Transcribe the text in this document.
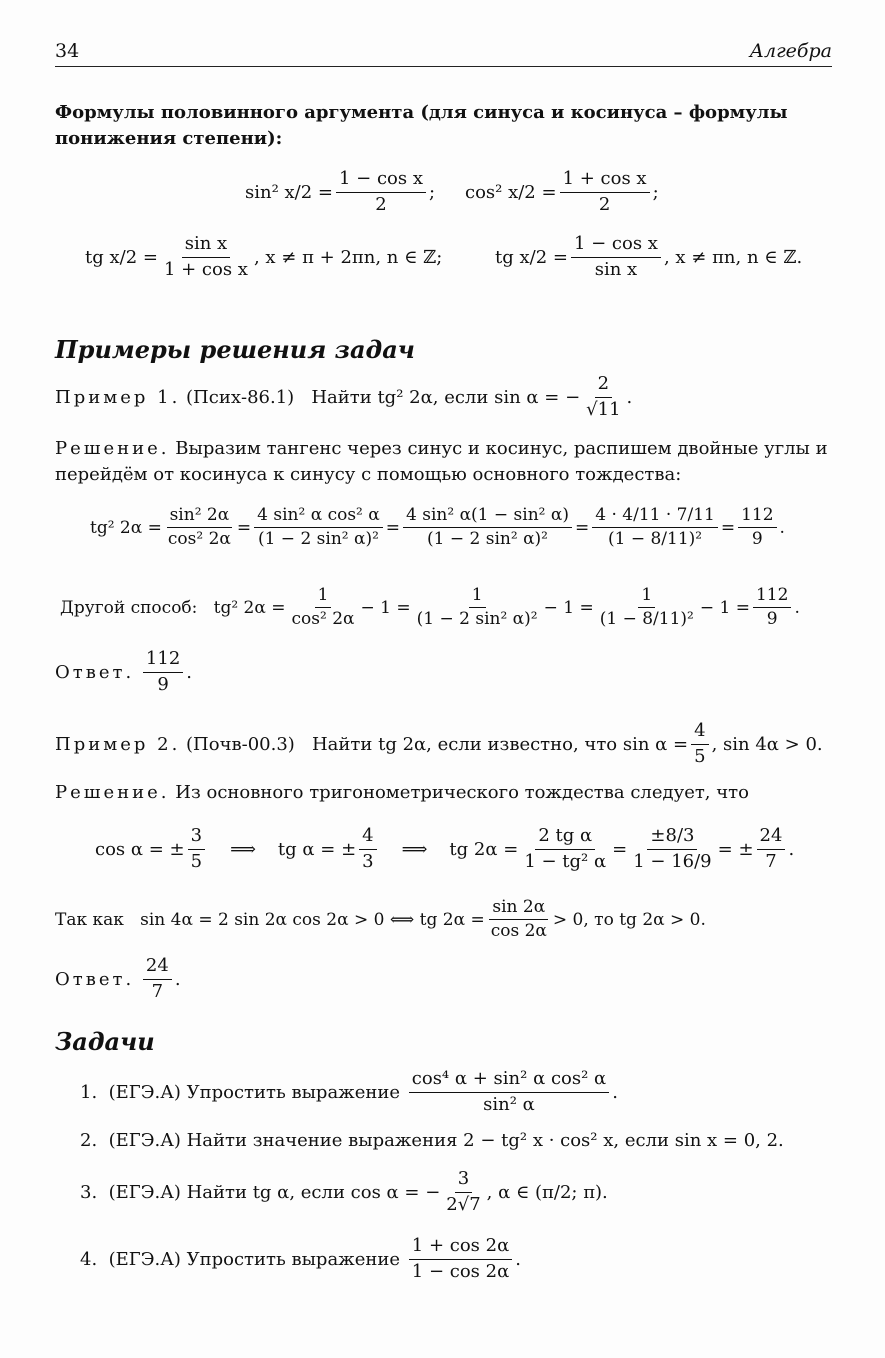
34	Алгебра
Формулы половинного аргумента (для синуса и косинуса – формулы понижения степени):
sin² $x/2 = \frac{\text{1 − cos x}}{2}$ ; cos² $x/2 = \frac{\text{1 + cos x}}{2}$ ;
tg $x/2 = \frac{\text{sin x}}{\text{1 + cos x}}$ , x ≠ π + 2πn, n ∈ ℤ;	tg $x/2 = \frac{\text{1 − cos x}}{\text{sin x}}$ , x ≠ πn, n ∈ ℤ.
Примеры решения задач
Пример 1.
(Псих-86.1)
Найти tg² 2α, если sin α = − $\frac{2}{√11}$ .
Решение. Выразим тангенс через синус и косинус, распишем двойные углы и перейдём от косинуса к синусу с помощью основного тождества:
tg² $2\alpha = \frac{\text{sin² 2α}}{\text{cos² 2α}}$ =
4 sin² α cos² α
(1 − 2 sin² α)²
=
4 sin² α(1 − sin² α)
(1 − 2 sin² α)²
=
4 · 4/11 · 7/11
(1 − 8/11)²
=
112
9
.
Другой способ:
tg² $2\alpha = \frac{1}{\text{cos² 2α}} - 1 = \frac{1}{\text{(1 − 2 sin² α)²}} - 1 = \frac{1}{\text{(1 − 8/11)²}} - 1 = \frac{112}{9}$ .
Ответ.

112
9
.
Пример 2.
(Почв-00.3)
Найти tg 2α, если известно, что $\sin \alpha = \frac{4}{5}$ , sin 4α > 0.
Решение. Из основного тригонометрического тождества следует, что
cos α = ± $\frac{3}{5}$ ⟹ tg α = ± $\frac{4}{3}$ ⟹ tg $2\alpha = \frac{\text{2 tg α}}{\text{1 − tg² α}} = \frac{\pm 8/3}{1 - 16/9}$ = ± $\frac{24}{7}$ .
Так как
sin 4α = 2 sin 2α cos 2α > 0 ⟺ tg $2\alpha = \frac{\sin 2\alpha}{\cos 2\alpha} > 0$, то tg 2α > 0.
Ответ.

24
7
.
Задачи
1.
(ЕГЭ.А) Упростить выражение

cos⁴ α + sin² α cos² α
sin² α
.
2.
(ЕГЭ.А) Найти значение выражения 2 − tg² x · cos² x, если sin x = 0, 2.
3.
(ЕГЭ.А) Найти tg α, если cos α = − $\frac{3}{2√7}$ , α ∈ (π/2; π).
4.
(ЕГЭ.А) Упростить выражение

1 + cos 2α
1 − cos 2α
.
